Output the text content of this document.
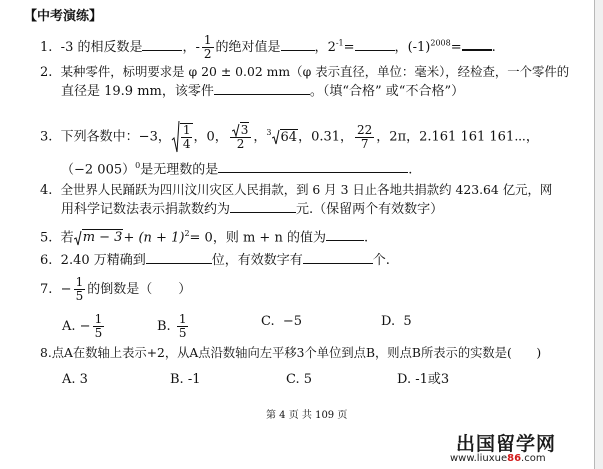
【中考演练】
1. -3 的相反数是	，- $\frac{1}{2}$ 的绝对值是	，$2^{-1}=$	，$(-1)^{2008}=$ .
2. 某种零件，标明要求是 φ 20 ± 0.02 mm（φ 表示直径，单位：毫米），经检查，一个零件的
直径是 19.9 mm，该零件	。（填“合格” 或“不合格”）
3. 下列各数中：−3， $\frac{1}{4}$ ，0， $\frac{3}{2}$ ，$^3$ 64，0.31， $\frac{22}{7}$ ，2π，2.161 161 161⋯，
（−2 005）$^0$是无理数的是	.
4. 全世界人民踊跃为四川汶川灾区人民捐款，到 6 月 3 日止各地共捐款约 423.64 亿元，网
用科学记数法表示捐款数约为	元.（保留两个有效数字）
5. 若 $m - 3+ (n + 1)^2= 0$，则 m + n 的值为	.
6. 2.40 万精确到	位，有效数字有	个.
7. − $\frac{1}{5}$ 的倒数是（　　）
A. − $\frac{1}{5}$	B. $\frac{1}{5}$	C. −5	D. 5
8.点A在数轴上表示+2，从A点沿数轴向左平移3个单位到点B，则点B所表示的实数是(　　)
A. 3	B. -1	C. 5	D. -1或3
第 4 页 共 109 页
出国留学网
www.liuxue86.com
